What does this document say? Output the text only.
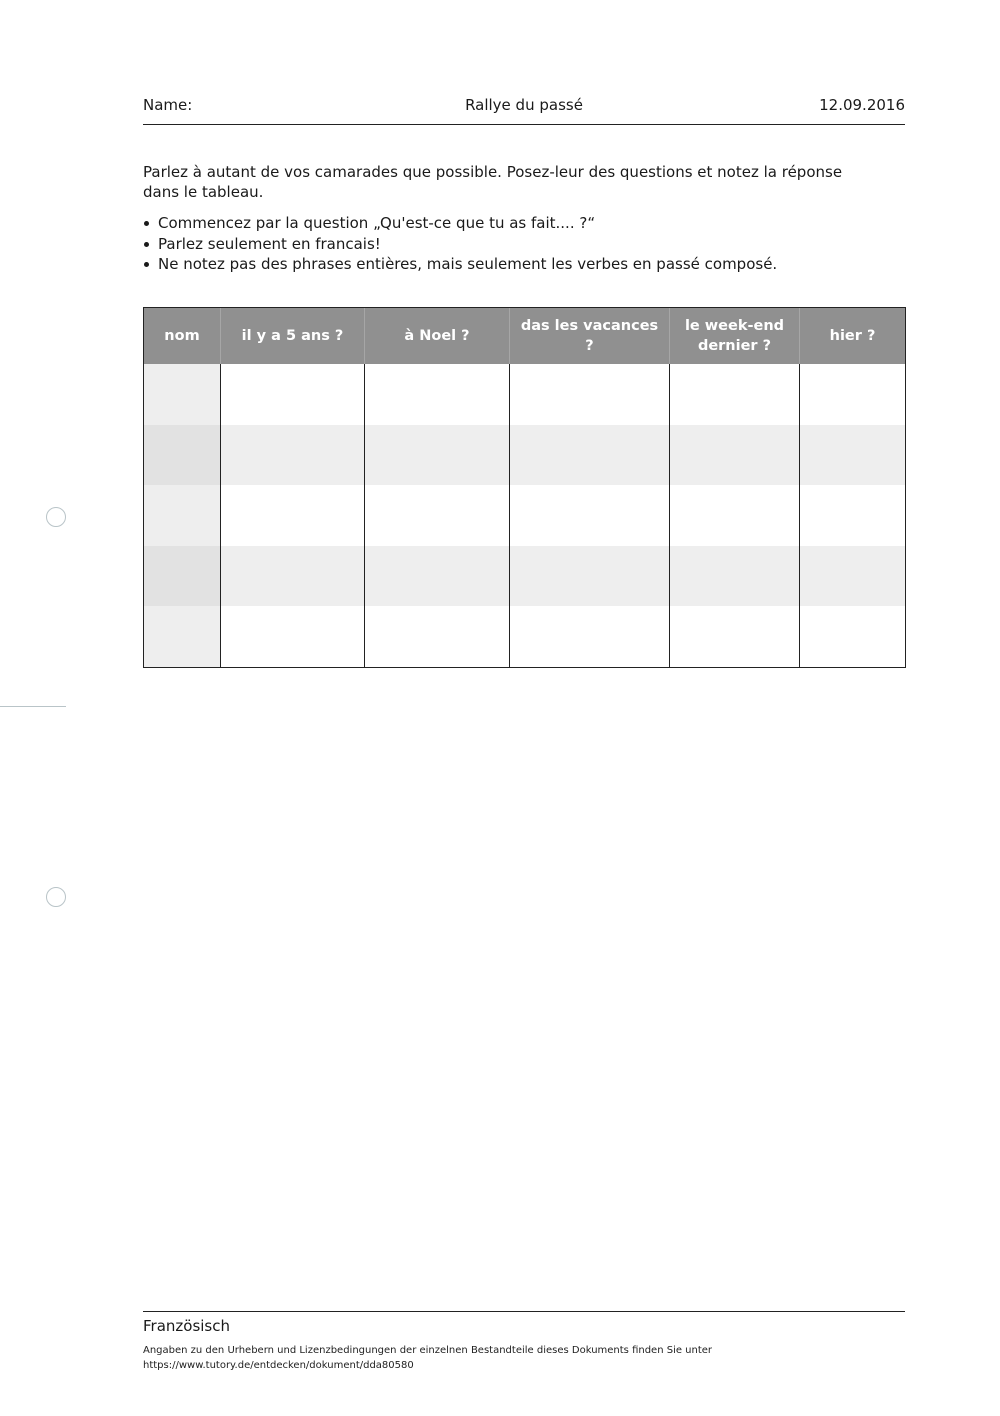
Rallye du passé
Name:	12.09.2016

Parlez à autant de vos camarades que possible. Posez-leur des questions et notez la réponse dans le tableau.

Commencez par la question „Qu'est-ce que tu as fait.... ?“
Parlez seulement en francais!
Ne notez pas des phrases entières, mais seulement les verbes en passé composé.
nom	il y a 5 ans ?	à Noel ?	das les vacances ?	le week-end dernier ?	hier ?

Französisch
Angaben zu den Urhebern und Lizenzbedingungen der einzelnen Bestandteile dieses Dokuments finden Sie unter
https://www.tutory.de/entdecken/dokument/dda80580
